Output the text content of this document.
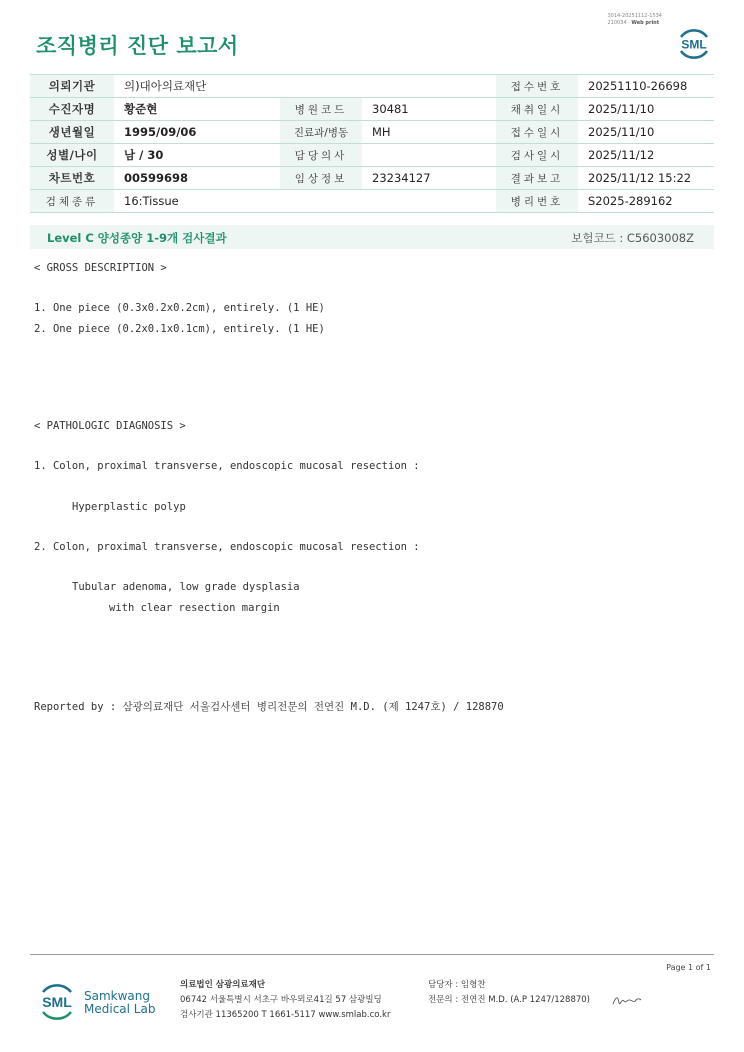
조직병리 진단 보고서
3014-20251112-1534
210034 · Web print
SML
의뢰기관	의)대아의료재단			접수번호	20251110-26698
수진자명	황준현	병원코드	30481	채취일시	2025/11/10
생년월일	1995/09/06	진료과/병동	MH	접수일시	2025/11/10
성별/나이	남 / 30	담당의사		검사일시	2025/11/12
차트번호	00599698	임상정보	23234127	결과보고	2025/11/12 15:22
검체종류	16:Tissue			병리번호	S2025-289162
Level C 양성종양 1-9개 검사결과	보험코드 : C5603008Z
< GROSS DESCRIPTION >
1. One piece (0.3x0.2x0.2cm), entirely. (1 HE)
2. One piece (0.2x0.1x0.1cm), entirely. (1 HE)
< PATHOLOGIC DIAGNOSIS >
1. Colon, proximal transverse, endoscopic mucosal resection :
Hyperplastic polyp
2. Colon, proximal transverse, endoscopic mucosal resection :
Tubular adenoma, low grade dysplasia
with clear resection margin
Reported by : 삼광의료재단 서울검사센터 병리전문의 전연진 M.D. (제 1247호) / 128870
Page 1 of 1
SML Samkwang
Medical Lab
의료법인 삼광의료재단
06742 서울특별시 서초구 바우뫼로41길 57 삼광빌딩
검사기관 11365200 T 1661-5117 www.smlab.co.kr
담당자 : 임형찬
전문의 : 전연진 M.D. (A.P 1247/128870)
